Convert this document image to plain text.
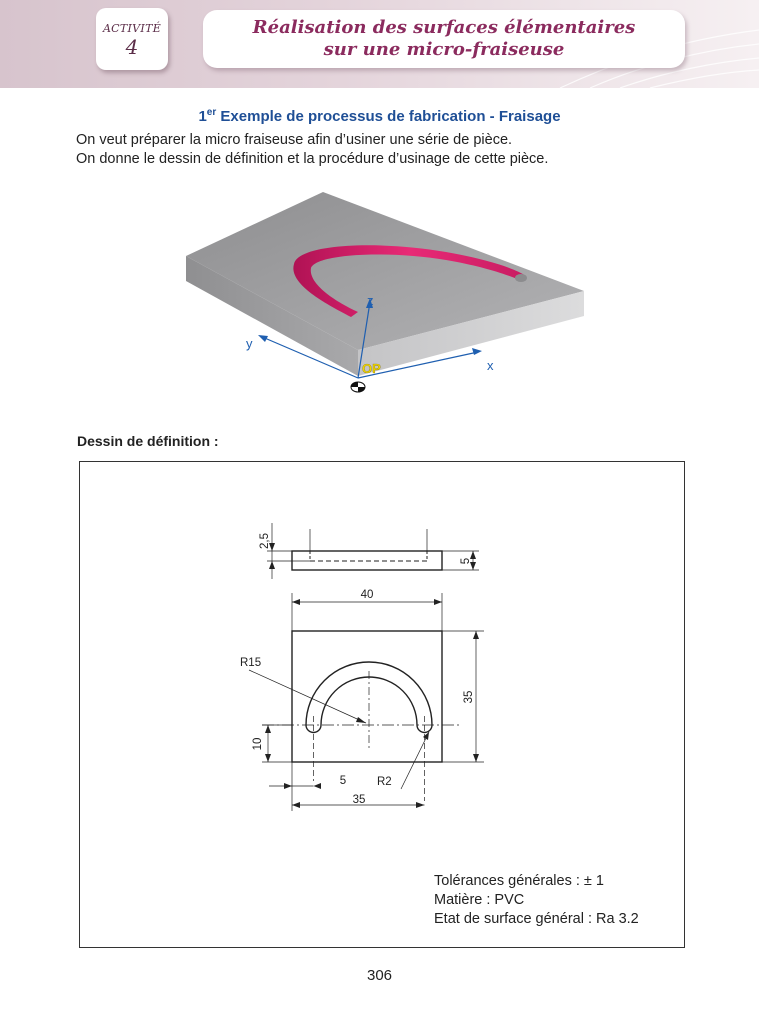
ACTIVITÉ
4
Réalisation des surfaces élémentaires
sur une micro-fraiseuse
1er Exemple de processus de fabrication - Fraisage
On veut préparer la micro fraiseuse afin d’usiner une série de pièce.
On donne le dessin de définition et la procédure d’usinage de cette pièce.
z
y
x
OP
Dessin de définition :
2,5
5
40
35
R15
R2
10
5
35
Tolérances générales : ± 1
Matière : PVC
Etat de surface général : Ra 3.2
306
